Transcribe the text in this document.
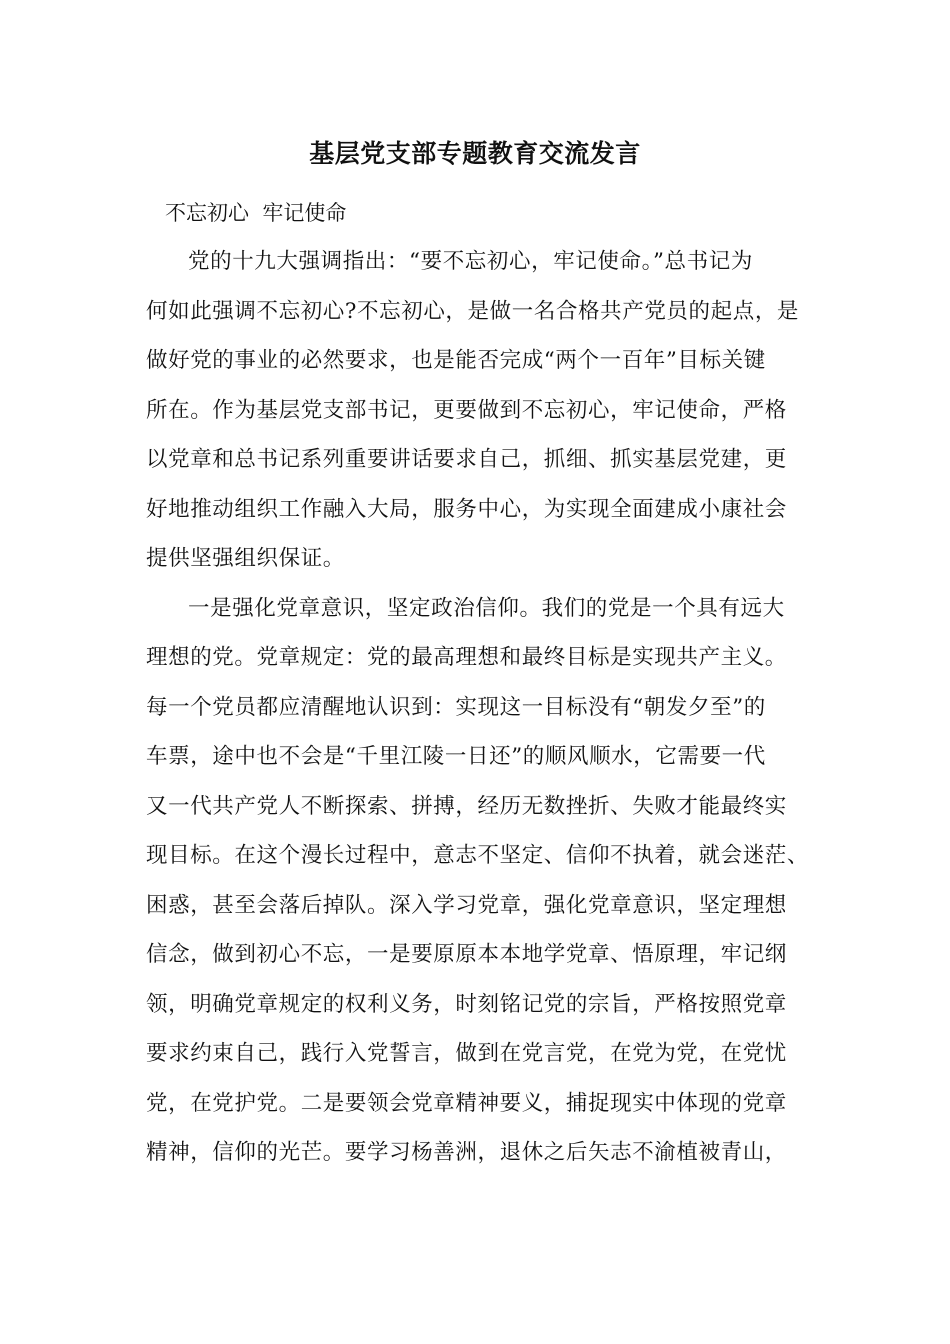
基层党支部专题教育交流发言
不忘初心  牢记使命
党的十九大强调指出：“要不忘初心，牢记使命。”总书记为
何如此强调不忘初心?不忘初心，是做一名合格共产党员的起点，是
做好党的事业的必然要求，也是能否完成“两个一百年”目标关键
所在。作为基层党支部书记，更要做到不忘初心，牢记使命，严格
以党章和总书记系列重要讲话要求自己，抓细、抓实基层党建，更
好地推动组织工作融入大局，服务中心，为实现全面建成小康社会
提供坚强组织保证。
一是强化党章意识，坚定政治信仰。我们的党是一个具有远大
理想的党。党章规定：党的最高理想和最终目标是实现共产主义。
每一个党员都应清醒地认识到：实现这一目标没有“朝发夕至”的
车票，途中也不会是“千里江陵一日还”的顺风顺水，它需要一代
又一代共产党人不断探索、拼搏，经历无数挫折、失败才能最终实
现目标。在这个漫长过程中，意志不坚定、信仰不执着，就会迷茫、
困惑，甚至会落后掉队。深入学习党章，强化党章意识，坚定理想
信念，做到初心不忘，一是要原原本本地学党章、悟原理，牢记纲
领，明确党章规定的权利义务，时刻铭记党的宗旨，严格按照党章
要求约束自己，践行入党誓言，做到在党言党，在党为党，在党忧
党，在党护党。二是要领会党章精神要义，捕捉现实中体现的党章
精神，信仰的光芒。要学习杨善洲，退休之后矢志不渝植被青山，
